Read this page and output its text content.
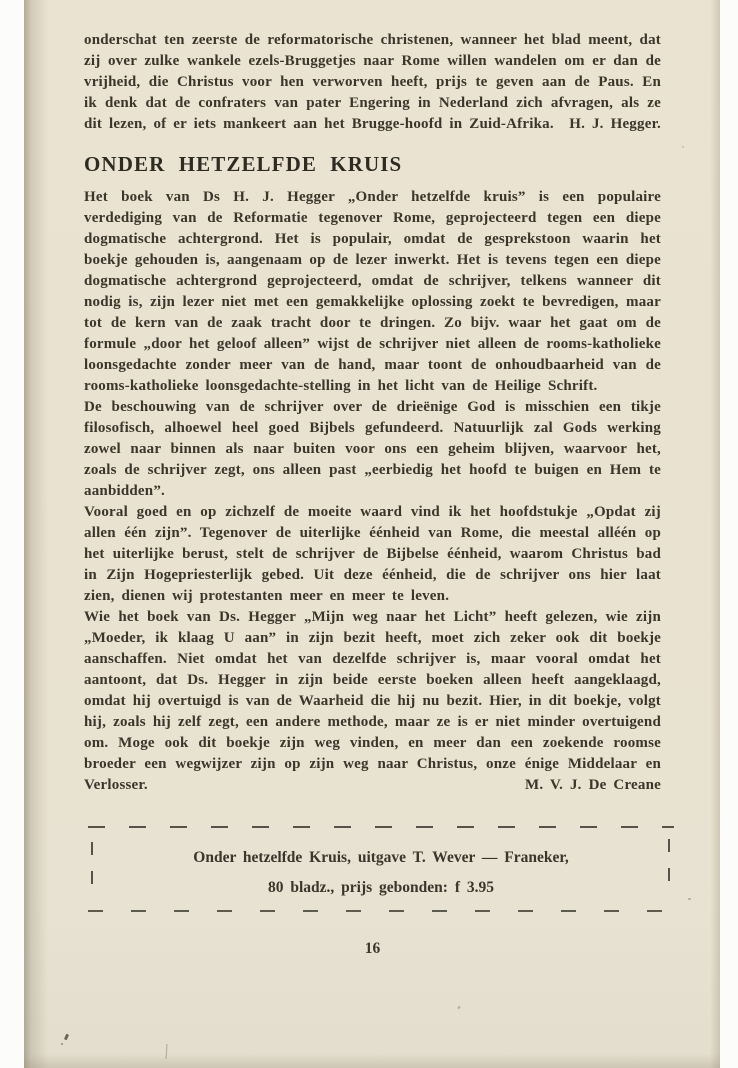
onderschat ten zeerste de reformatorische christenen, wanneer het blad meent, dat zij over zulke wankele ezels-Bruggetjes naar Rome willen wandelen om er dan de vrijheid, die Christus voor hen verworven heeft, prijs te geven aan de Paus. En ik denk dat de confraters van pater Engering in Nederland zich afvragen, als ze dit lezen, of er iets mankeert aan het Brugge-hoofd in Zuid-Afrika.	H. J. Hegger.

ONDER HETZELFDE KRUIS

Het boek van Ds H. J. Hegger „Onder hetzelfde kruis” is een populaire verdediging van de Reformatie tegenover Rome, geprojecteerd tegen een diepe dogmatische achtergrond. Het is populair, omdat de gesprekstoon waarin het boekje gehouden is, aangenaam op de lezer inwerkt. Het is tevens tegen een diepe dogmatische achtergrond geprojecteerd, omdat de schrijver, telkens wanneer dit nodig is, zijn lezer niet met een gemakkelijke oplossing zoekt te bevredigen, maar tot de kern van de zaak tracht door te dringen. Zo bijv. waar het gaat om de formule „door het geloof alleen” wijst de schrijver niet alleen de rooms-katholieke loonsgedachte zonder meer van de hand, maar toont de onhoudbaarheid van de rooms-katholieke loonsgedachte-stelling in het licht van de Heilige Schrift.

De beschouwing van de schrijver over de drieënige God is misschien een tikje filosofisch, alhoewel heel goed Bijbels gefundeerd. Natuurlijk zal Gods werking zowel naar binnen als naar buiten voor ons een geheim blijven, waarvoor het, zoals de schrijver zegt, ons alleen past „eerbiedig het hoofd te buigen en Hem te aanbidden”.

Vooral goed en op zichzelf de moeite waard vind ik het hoofdstukje „Opdat zij allen één zijn”. Tegenover de uiterlijke éénheid van Rome, die meestal alléén op het uiterlijke berust, stelt de schrijver de Bijbelse éénheid, waarom Christus bad in Zijn Hogepriesterlijk gebed. Uit deze éénheid, die de schrijver ons hier laat zien, dienen wij protestanten meer en meer te leven.

Wie het boek van Ds. Hegger „Mijn weg naar het Licht” heeft gelezen, wie zijn „Moeder, ik klaag U aan” in zijn bezit heeft, moet zich zeker ook dit boekje aanschaffen. Niet omdat het van dezelfde schrijver is, maar vooral omdat het aantoont, dat Ds. Hegger in zijn beide eerste boeken alleen heeft aangeklaagd, omdat hij overtuigd is van de Waarheid die hij nu bezit. Hier, in dit boekje, volgt hij, zoals hij zelf zegt, een andere methode, maar ze is er niet minder overtuigend om. Moge ook dit boekje zijn weg vinden, en meer dan een zoekende roomse broeder een wegwijzer zijn op zijn weg naar Christus, onze énige Middelaar en Verlosser.	M. V. J. De Creane

Onder hetzelfde Kruis, uitgave T. Wever — Franeker,
80 bladz., prijs gebonden: f 3.95
16
